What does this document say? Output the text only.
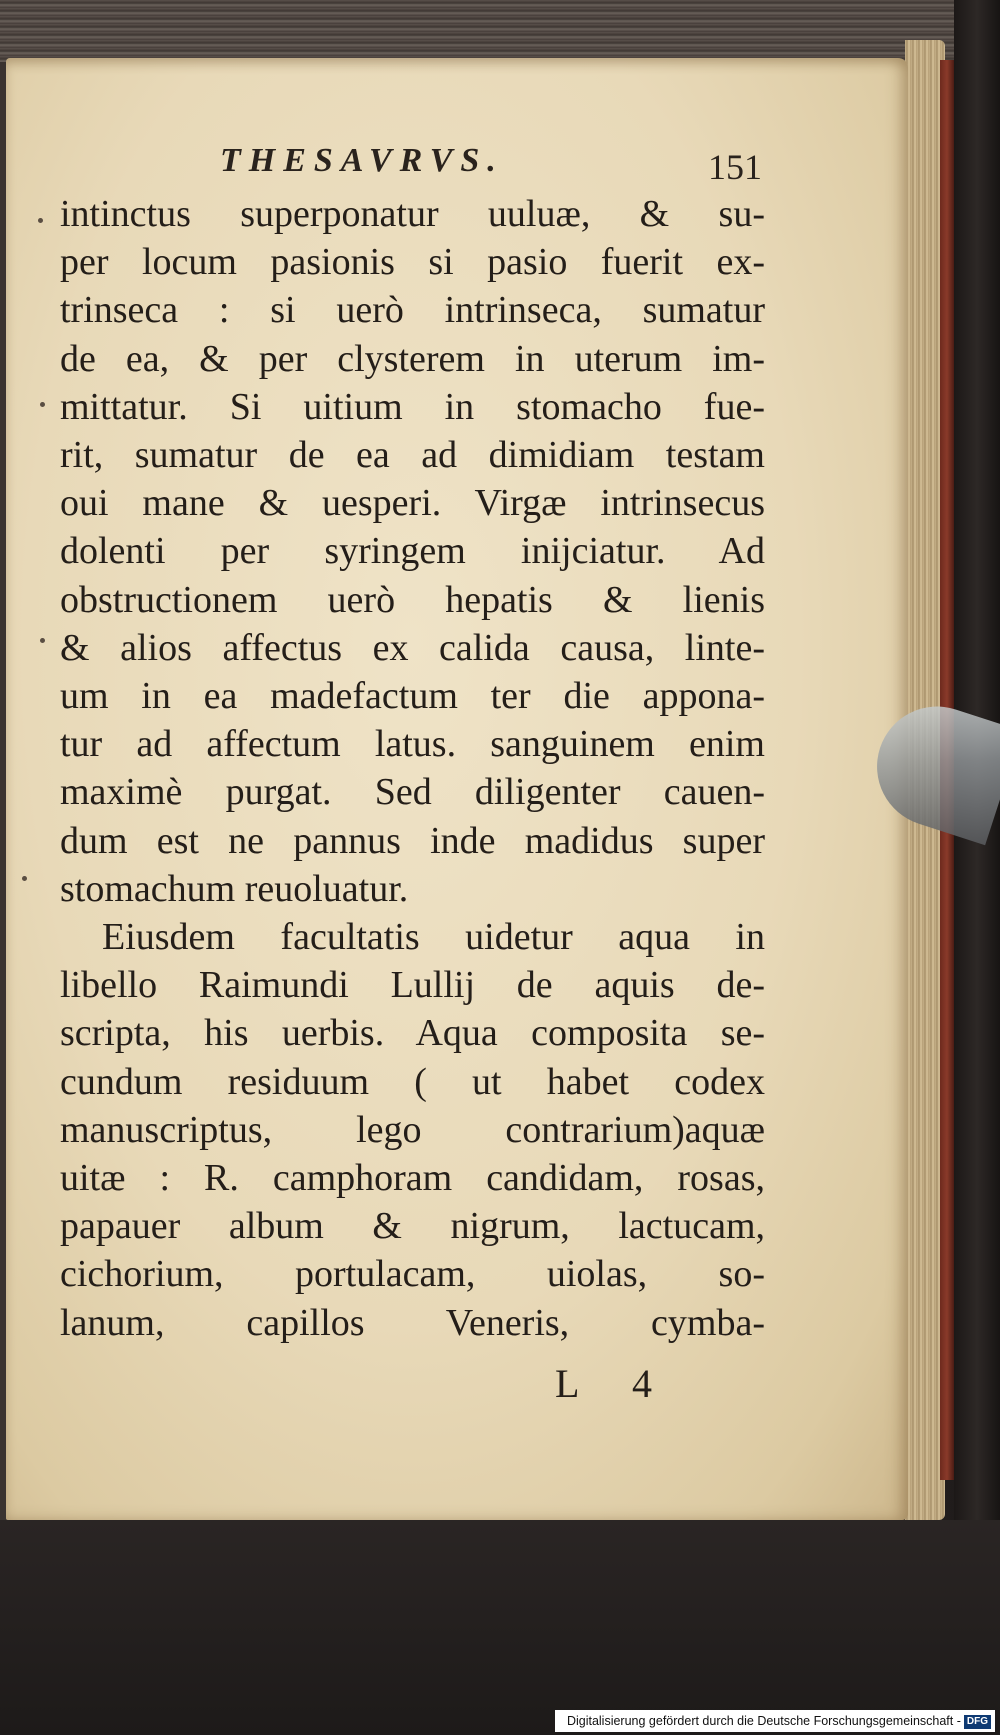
THESAVRVS.	151
intinctus superponatur uuluæ, & su-
per locum pasionis si pasio fuerit ex-
trinseca : si uerò intrinseca, sumatur
de ea, & per clysterem in uterum im-
mittatur. Si uitium in stomacho fue-
rit, sumatur de ea ad dimidiam testam
oui mane & uesperi. Virgæ intrinsecus
dolenti per syringem inijciatur. Ad
obstructionem uerò hepatis & lienis
& alios affectus ex calida causa, linte-
um in ea madefactum ter die appona-
tur ad affectum latus. sanguinem enim
maximè purgat. Sed diligenter cauen-
dum est ne pannus inde madidus super
stomachum reuoluatur.
Eiusdem facultatis uidetur aqua in
libello Raimundi Lullij de aquis de-
scripta, his uerbis. Aqua composita se-
cundum residuum ( ut habet codex
manuscriptus, lego contrarium)aquæ
uitæ : R. camphoram candidam, rosas,
papauer album & nigrum, lactucam,
cichorium, portulacam, uiolas, so-
lanum, capillos Veneris, cymba-
L 4
Digitalisierung gefördert durch die Deutsche Forschungsgemeinschaft - DFG
